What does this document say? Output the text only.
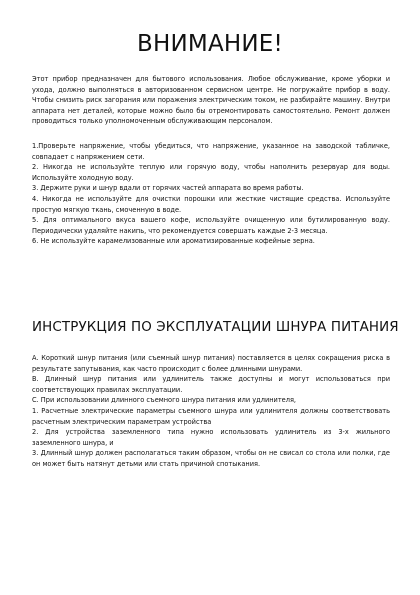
ВНИМАНИЕ!

Этот прибор предназначен для бытового использования. Любое обслуживание, кроме уборки и ухода, должно выполняться в авторизованном сервисном центре. Не погружайте прибор в воду. Чтобы снизить риск загорания или поражения электрическим током, не разбирайте машину. Внутри аппарата нет деталей, которые можно было бы отремонтировать самостоятельно. Ремонт должен проводиться только уполномоченным обслуживающим персоналом.

1.Проверьте напряжение, чтобы убедиться, что напряжение, указанное на заводской табличке, совпадает с напряжением сети.

2. Никогда не используйте теплую или горячую воду, чтобы наполнить резервуар для воды. Используйте холодную воду.

3. Держите руки и шнур вдали от горячих частей аппарата во время работы.

4. Никогда не используйте для очистки порошки или жесткие чистящие средства. Используйте простую мягкую ткань, смоченную в воде.

5. Для оптимального вкуса вашего кофе, используйте очищенную или бутилированную воду. Периодически удаляйте накипь, что рекомендуется совершать каждые 2-3 месяца.

6. Не используйте карамелизованные или ароматизированные кофейные зерна.

ИНСТРУКЦИЯ ПО ЭКСПЛУАТАЦИИ ШНУРА ПИТАНИЯ

A. Короткий шнур питания (или съемный шнур питания) поставляется в целях сокращения риска в результате запутывания, как часто происходит с более длинными шнурами.

B. Длинный шнур питания или удлинитель также доступны и могут использоваться при соответствующих правилах эксплуатации.

C. При использовании длинного съемного шнура питания или удлинителя,

1. Расчетные электрические параметры съемного шнура или удлинителя должны соответствовать расчетным электрическим параметрам устройства

2. Для устройства заземленного типа нужно использовать удлинитель из 3-х жильного заземленного шнура, и

3. Длинный шнур должен располагаться таким образом, чтобы он не свисал со стола или полки, где он может быть натянут детьми или стать причиной спотыкания.
